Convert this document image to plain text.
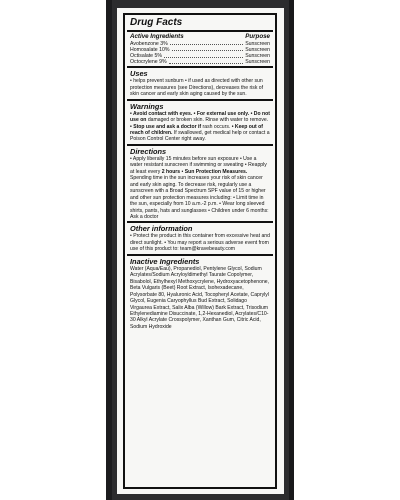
Drug Facts
Active Ingredients	Purpose
Avobenzone 3%	Sunscreen
Homosalate 10%	Sunscreen
Octisalate 5%	Sunscreen
Octocrylene 9%	Sunscreen
Uses
• helps prevent sunburn • if used as directed with other sun protection measures (see Directions), decreases the risk of skin cancer and early skin aging caused by the sun.
Warnings
• Avoid contact with eyes. • For external use only. • Do not use on damaged or broken skin. Rinse with water to remove. • Stop use and ask a doctor if rash occurs. • Keep out of reach of children. If swallowed, get medical help or contact a Poison Control Center right away.
Directions
• Apply liberally 15 minutes before sun exposure • Use a water resistant sunscreen if swimming or sweating • Reapply at least every 2 hours • Sun Protection Measures. Spending time in the sun increases your risk of skin cancer and early skin aging. To decrease risk, regularly use a sunscreen with a Broad Spectrum SPF value of 15 or higher and other sun protection measures including: • Limit time in the sun, especially from 10 a.m.-2 p.m. • Wear long sleeved shirts, pants, hats and sunglasses • Children under 6 months: Ask a doctor
Other information
• Protect the product in this container from excessive heat and direct sunlight. • You may report a serious adverse event from use of this product to: team@kravebeauty.com
Inactive Ingredients
Water (Aqua/Eau), Propanediol, Pentylene Glycol, Sodium Acrylates/Sodium Acryloyldimethyl Taurate Copolymer, Bisabolol, Ethylhexyl Methoxycrylene, Hydroxyacetophenone, Beta Vulgaris (Beet) Root Extract, Isohexadecane, Polysorbate 80, Hyaluronic Acid, Tocopheryl Acetate, Caprylyl Glycol, Eugenia Caryophyllus Bud Extract, Solidago Virgaurea Extract, Salix Alba (Willow) Bark Extract, Trisodium Ethylenediamine Disuccinate, 1,2-Hexanediol, Acrylates/C10-30 Alkyl Acrylate Crosspolymer, Xanthan Gum, Citric Acid, Sodium Hydroxide
